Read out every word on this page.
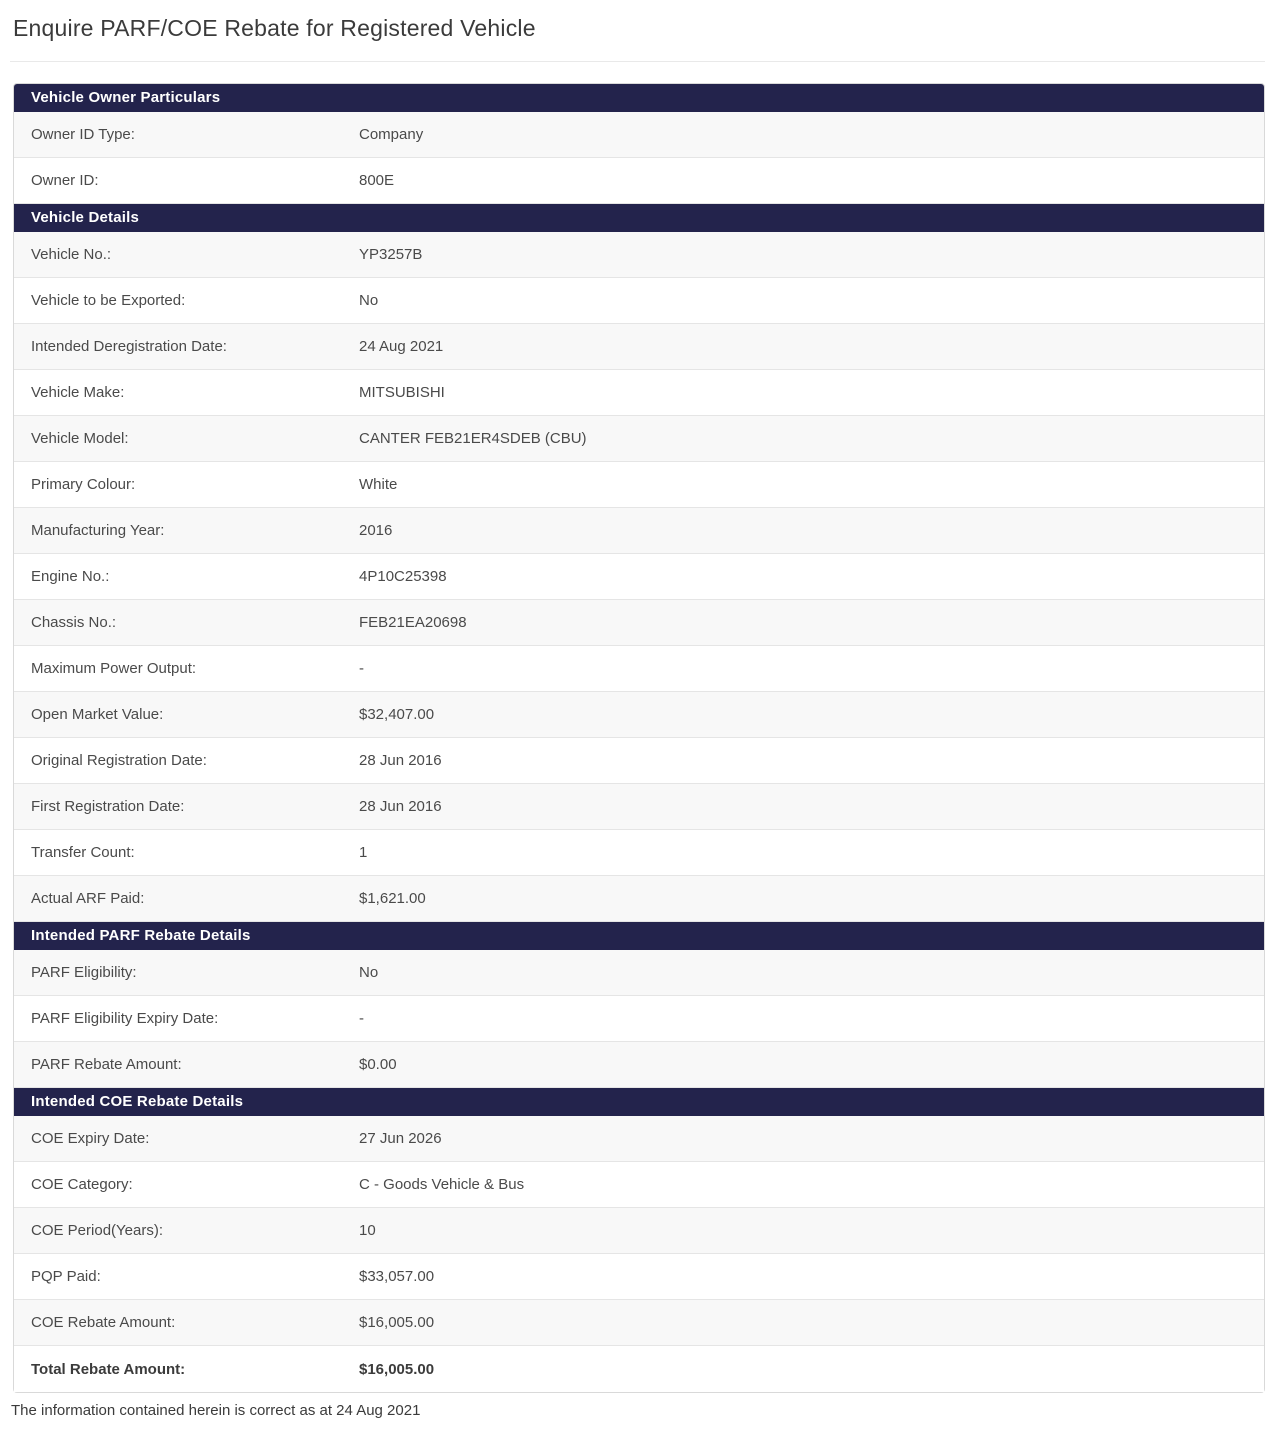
Enquire PARF/COE Rebate for Registered Vehicle
Vehicle Owner Particulars
Owner ID Type:	Company
Owner ID:	800E
Vehicle Details
Vehicle No.:	YP3257B
Vehicle to be Exported:	No
Intended Deregistration Date:	24 Aug 2021
Vehicle Make:	MITSUBISHI
Vehicle Model:	CANTER FEB21ER4SDEB (CBU)
Primary Colour:	White
Manufacturing Year:	2016
Engine No.:	4P10C25398
Chassis No.:	FEB21EA20698
Maximum Power Output:	-
Open Market Value:	$32,407.00
Original Registration Date:	28 Jun 2016
First Registration Date:	28 Jun 2016
Transfer Count:	1
Actual ARF Paid:	$1,621.00
Intended PARF Rebate Details
PARF Eligibility:	No
PARF Eligibility Expiry Date:	-
PARF Rebate Amount:	$0.00
Intended COE Rebate Details
COE Expiry Date:	27 Jun 2026
COE Category:	C - Goods Vehicle & Bus
COE Period(Years):	10
PQP Paid:	$33,057.00
COE Rebate Amount:	$16,005.00
Total Rebate Amount:	$16,005.00
The information contained herein is correct as at 24 Aug 2021
